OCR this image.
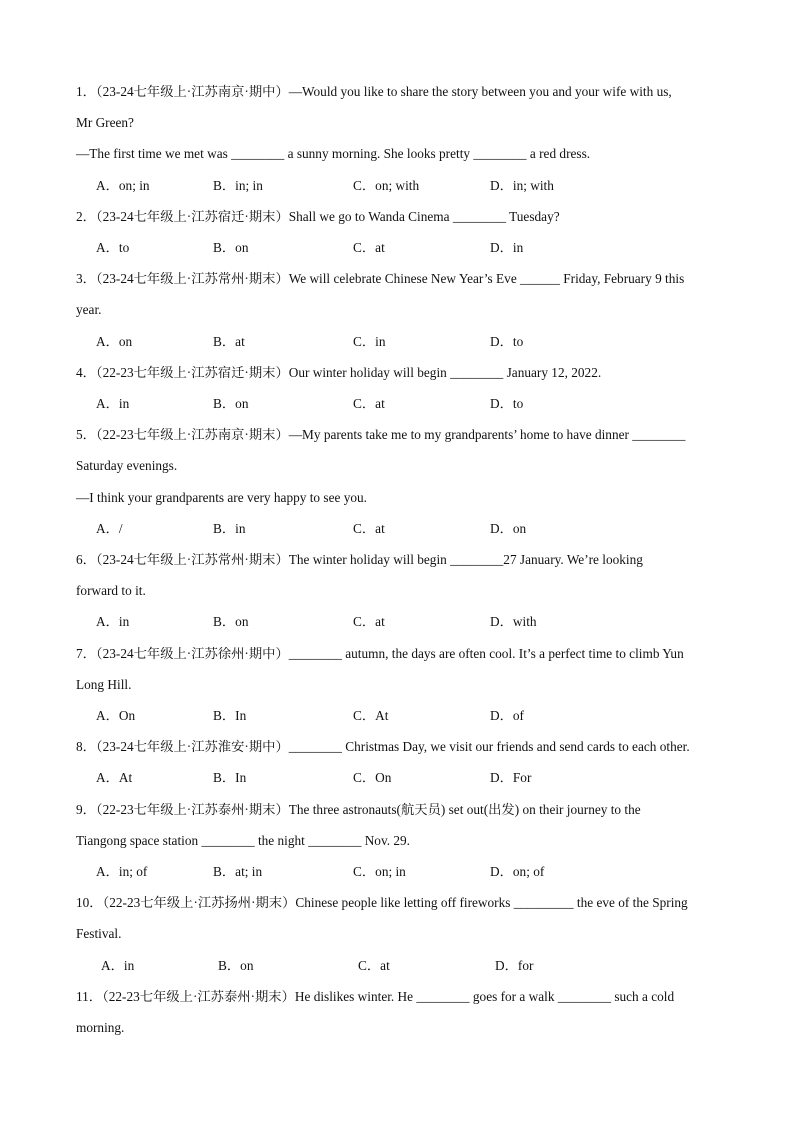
1．（23-24七年级上·江苏南京·期中）—Would you like to share the story between you and your wife with us,
Mr Green?
—The first time we met was ________ a sunny morning. She looks pretty ________ a red dress.
A．on; in	B．in; in	C．on; with	D．in; with
2．（23-24七年级上·江苏宿迁·期末）Shall we go to Wanda Cinema ________ Tuesday?
A．to	B．on	C．at	D．in
3．（23-24七年级上·江苏常州·期末）We will celebrate Chinese New Year’s Eve ______ Friday, February 9 this
year.
A．on	B．at	C．in	D．to
4．（22-23七年级上·江苏宿迁·期末）Our winter holiday will begin ________ January 12, 2022.
A．in	B．on	C．at	D．to
5．（22-23七年级上·江苏南京·期末）—My parents take me to my grandparents’ home to have dinner ________
Saturday evenings.
—I think your grandparents are very happy to see you.
A．/	B．in	C．at	D．on
6．（23-24七年级上·江苏常州·期末）The winter holiday will begin ________27 January. We’re looking
forward to it.
A．in	B．on	C．at	D．with
7．（23-24七年级上·江苏徐州·期中）________ autumn, the days are often cool. It’s a perfect time to climb Yun
Long Hill.
A．On	B．In	C．At	D．of
8．（23-24七年级上·江苏淮安·期中）________ Christmas Day, we visit our friends and send cards to each other.
A．At	B．In	C．On	D．For
9．（22-23七年级上·江苏泰州·期末）The three astronauts(航天员) set out(出发) on their journey to the
Tiangong space station ________ the night ________ Nov. 29.
A．in; of	B．at; in	C．on; in	D．on; of
10．（22-23七年级上·江苏扬州·期末）Chinese people like letting off fireworks _________ the eve of the Spring
Festival.
A．in	B．on	C．at	D．for
11．（22-23七年级上·江苏泰州·期末）He dislikes winter. He ________ goes for a walk ________ such a cold
morning.
